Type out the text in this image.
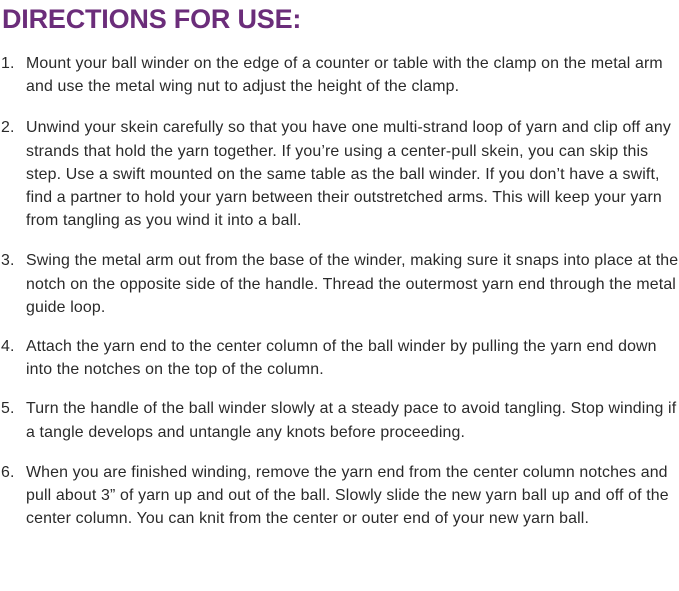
DIRECTIONS FOR USE:
1. Mount your ball winder on the edge of a counter or table with the clamp on the metal arm and use the metal wing nut to adjust the height of the clamp.
2. Unwind your skein carefully so that you have one multi-strand loop of yarn and clip off any strands that hold the yarn together. If you’re using a center-pull skein, you can skip this step. Use a swift mounted on the same table as the ball winder. If you don’t have a swift, find a partner to hold your yarn between their outstretched arms. This will keep your yarn from tangling as you wind it into a ball.
3. Swing the metal arm out from the base of the winder, making sure it snaps into place at the notch on the opposite side of the handle. Thread the outermost yarn end through the metal guide loop.
4. Attach the yarn end to the center column of the ball winder by pulling the yarn end down into the notches on the top of the column.
5. Turn the handle of the ball winder slowly at a steady pace to avoid tangling. Stop winding if a tangle develops and untangle any knots before proceeding.
6. When you are finished winding, remove the yarn end from the center column notches and pull about 3” of yarn up and out of the ball. Slowly slide the new yarn ball up and off of the center column. You can knit from the center or outer end of your new yarn ball.
